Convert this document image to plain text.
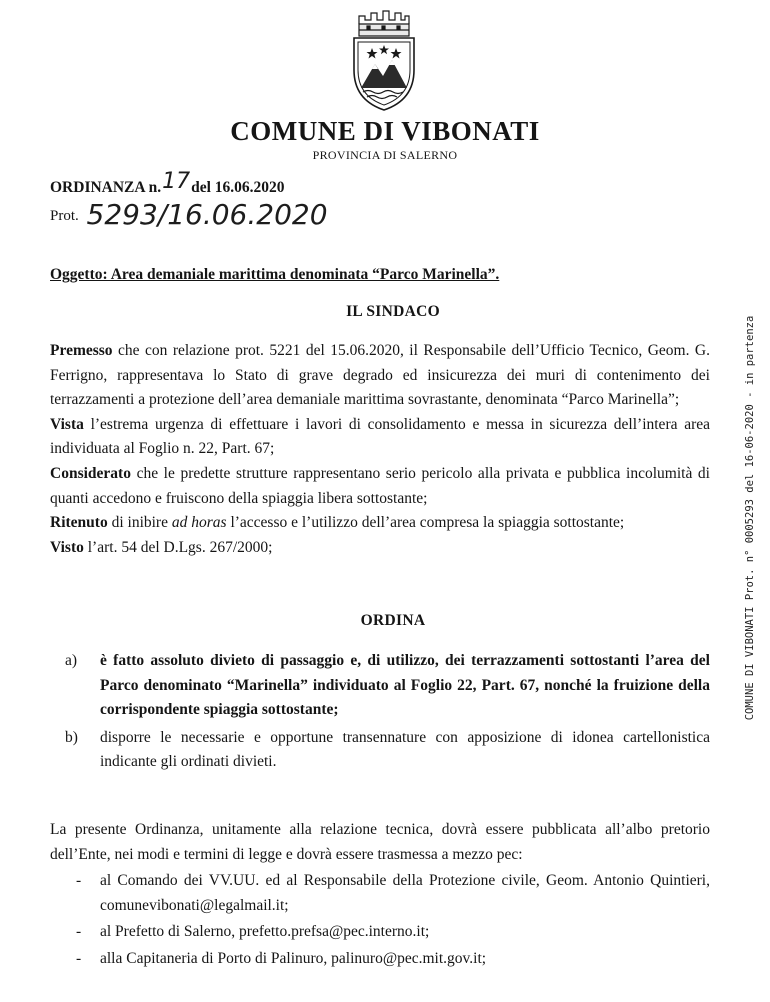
COMUNE DI VIBONATI
PROVINCIA DI SALERNO
ORDINANZA n.17del 16.06.2020
Prot. 5293/16.06.2020
Oggetto: Area demaniale marittima denominata “Parco Marinella”.
IL SINDACO

Premesso che con relazione prot. 5221 del 15.06.2020, il Responsabile dell’Ufficio Tecnico, Geom. G. Ferrigno, rappresentava lo Stato di grave degrado ed insicurezza dei muri di contenimento dei terrazzamenti a protezione dell’area demaniale marittima sovrastante, denominata “Parco Marinella”;

Vista l’estrema urgenza di effettuare i lavori di consolidamento e messa in sicurezza dell’intera area individuata al Foglio n. 22, Part. 67;

Considerato che le predette strutture rappresentano serio pericolo alla privata e pubblica incolumità di quanti accedono e fruiscono della spiaggia libera sottostante;

Ritenuto di inibire ad horas l’accesso e l’utilizzo dell’area compresa la spiaggia sottostante;

Visto l’art. 54 del D.Lgs. 267/2000;

ORDINA
a) è fatto assoluto divieto di passaggio e, di utilizzo, dei terrazzamenti sottostanti l’area del Parco denominato “Marinella” individuato al Foglio 22, Part. 67, nonché la fruizione della corrispondente spiaggia sottostante;
b) disporre le necessarie e opportune transennature con apposizione di idonea cartellonistica indicante gli ordinati divieti.
La presente Ordinanza, unitamente alla relazione tecnica, dovrà essere pubblicata all’albo pretorio dell’Ente, nei modi e termini di legge e dovrà essere trasmessa a mezzo pec:
- al Comando dei VV.UU. ed al Responsabile della Protezione civile, Geom. Antonio Quintieri, comunevibonati@legalmail.it;
- al Prefetto di Salerno, prefetto.prefsa@pec.interno.it;
- alla Capitaneria di Porto di Palinuro, palinuro@pec.mit.gov.it;
COMUNE DI VIBONATI Prot. n° 0005293 del 16-06-2020 - in partenza
